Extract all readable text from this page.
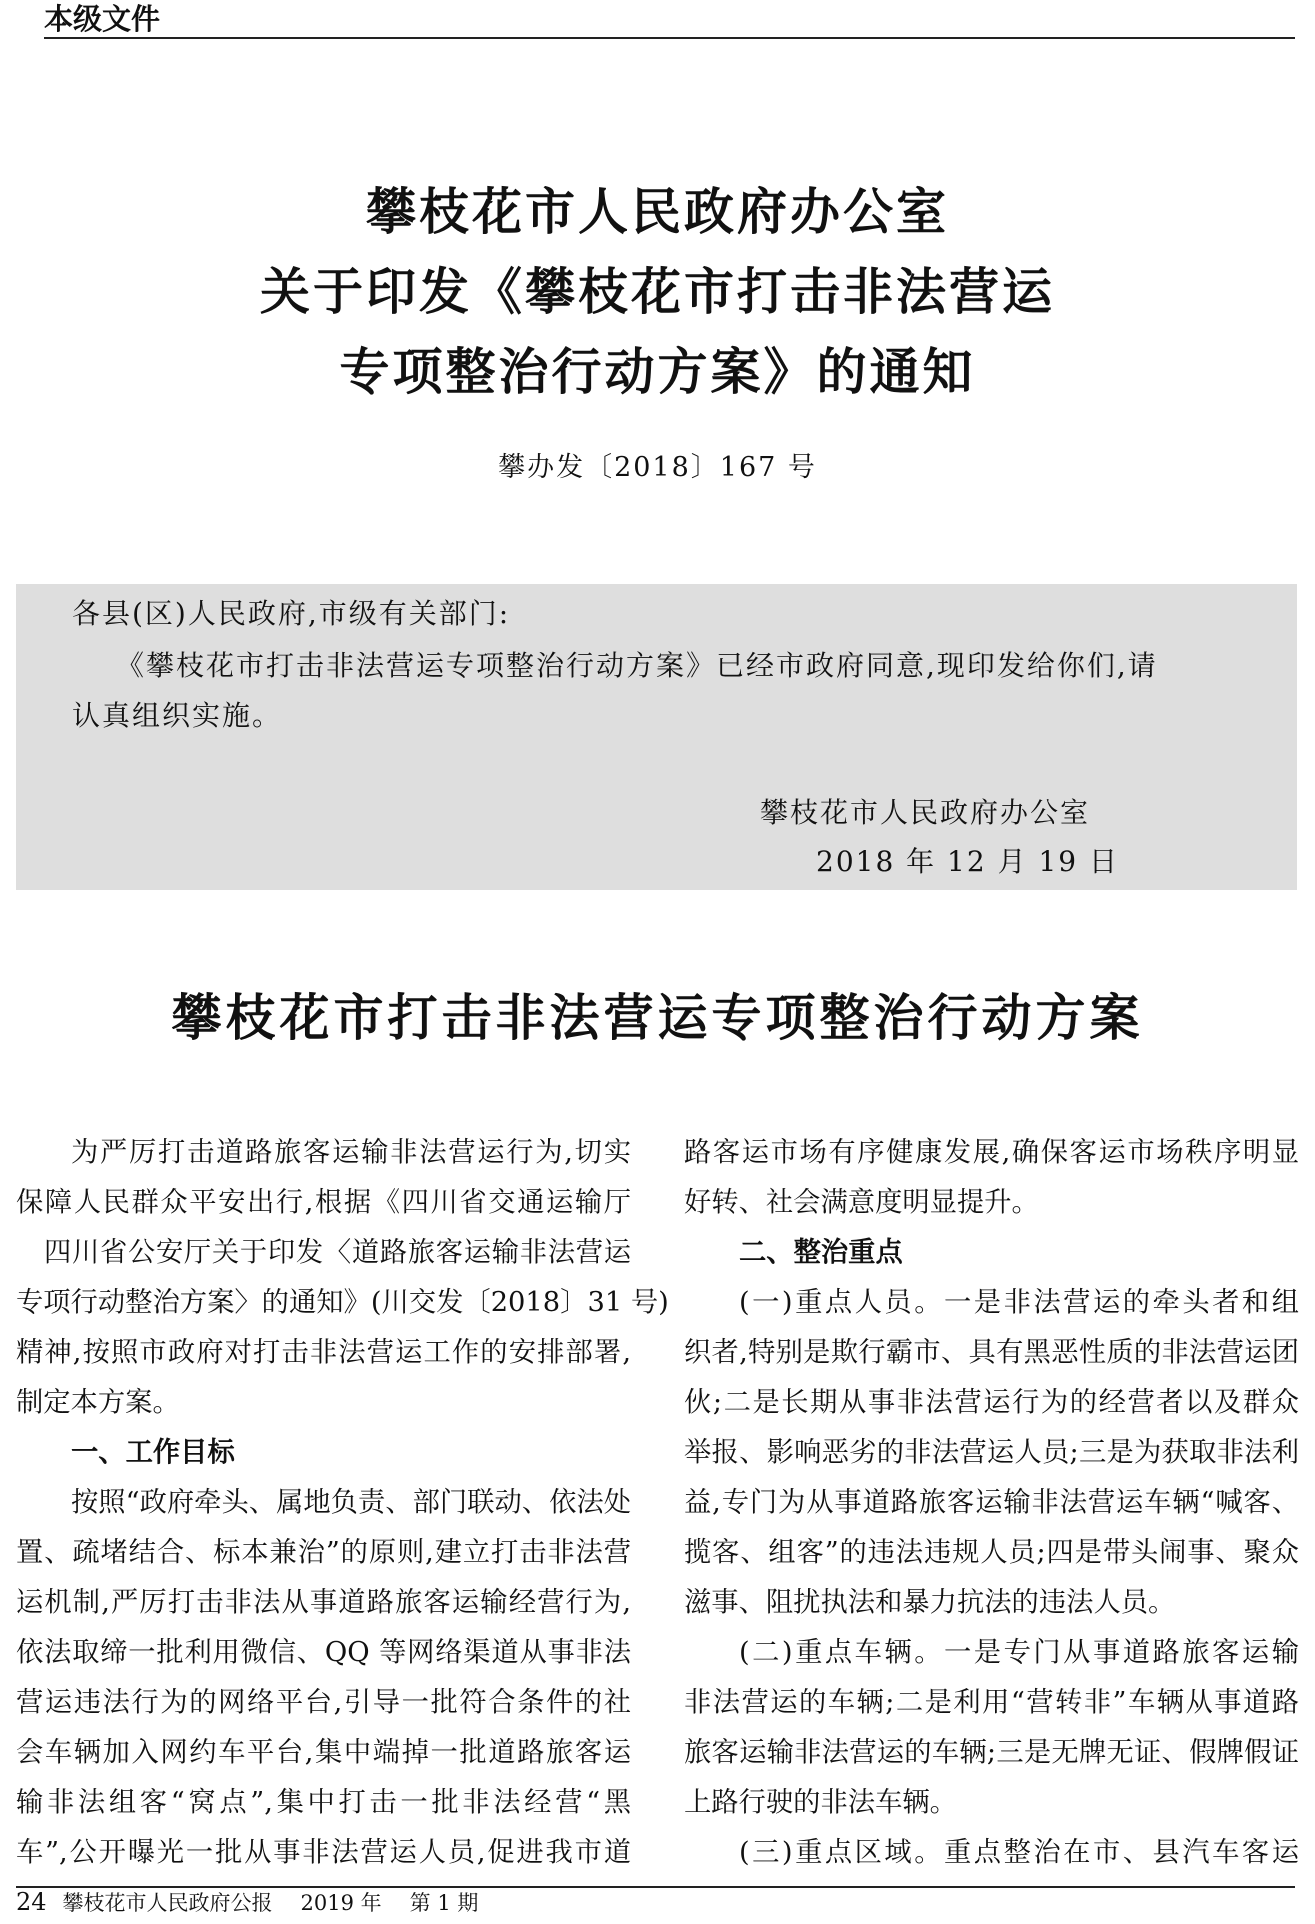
本级文件
攀枝花市人民政府办公室
关于印发《攀枝花市打击非法营运
专项整治行动方案》的通知
攀办发〔2018〕167 号
各县(区)人民政府,市级有关部门:
《攀枝花市打击非法营运专项整治行动方案》已经市政府同意,现印发给你们,请
认真组织实施。
攀枝花市人民政府办公室
2018 年 12 月 19 日
攀枝花市打击非法营运专项整治行动方案
为严厉打击道路旅客运输非法营运行为,切实
保障人民群众平安出行,根据《四川省交通运输厅
四川省公安厅关于印发〈道路旅客运输非法营运
专项行动整治方案〉的通知》(川交发〔2018〕31 号)
精神,按照市政府对打击非法营运工作的安排部署,
制定本方案。
一、工作目标
按照“政府牵头、属地负责、部门联动、依法处
置、疏堵结合、标本兼治”的原则,建立打击非法营
运机制,严厉打击非法从事道路旅客运输经营行为,
依法取缔一批利用微信、QQ 等网络渠道从事非法
营运违法行为的网络平台,引导一批符合条件的社
会车辆加入网约车平台,集中端掉一批道路旅客运
输非法组客“窝点”,集中打击一批非法经营“黑
车”,公开曝光一批从事非法营运人员,促进我市道
路客运市场有序健康发展,确保客运市场秩序明显
好转、社会满意度明显提升。
二、整治重点
(一)重点人员。一是非法营运的牵头者和组
织者,特别是欺行霸市、具有黑恶性质的非法营运团
伙;二是长期从事非法营运行为的经营者以及群众
举报、影响恶劣的非法营运人员;三是为获取非法利
益,专门为从事道路旅客运输非法营运车辆“喊客、
揽客、组客”的违法违规人员;四是带头闹事、聚众
滋事、阻扰执法和暴力抗法的违法人员。
(二)重点车辆。一是专门从事道路旅客运输
非法营运的车辆;二是利用“营转非”车辆从事道路
旅客运输非法营运的车辆;三是无牌无证、假牌假证
上路行驶的非法车辆。
(三)重点区域。重点整治在市、县汽车客运
24 攀枝花市人民政府公报 2019 年 第 1 期
